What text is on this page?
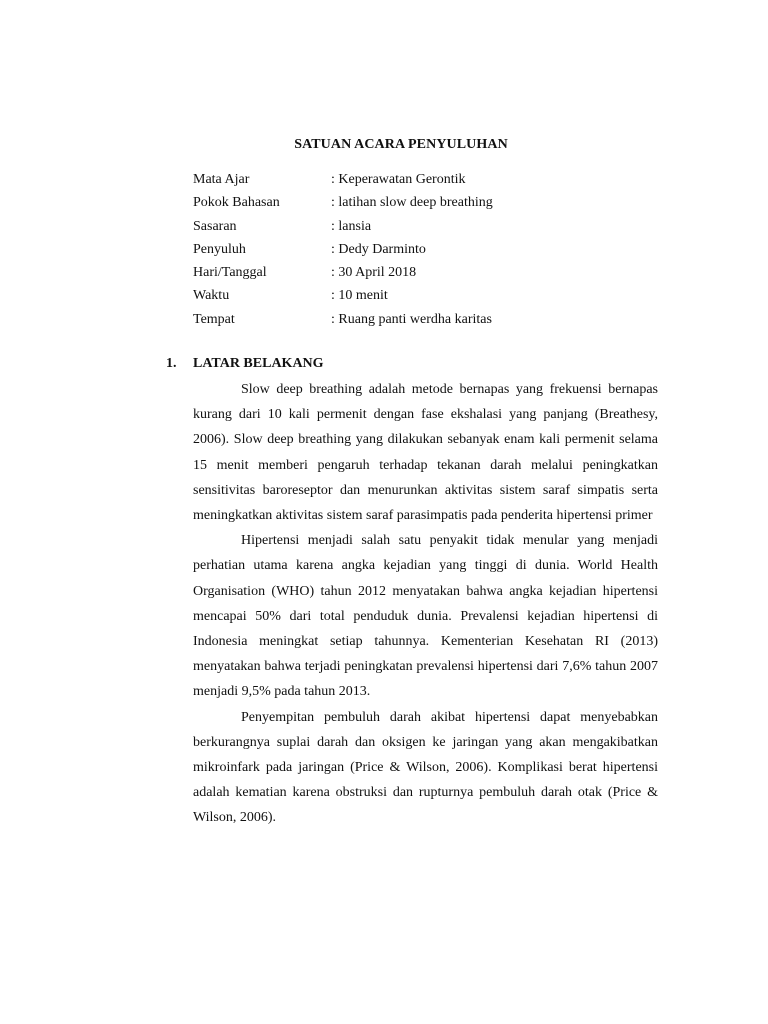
SATUAN ACARA PENYULUHAN
Mata Ajar	: Keperawatan Gerontik
Pokok Bahasan	: latihan slow deep breathing
Sasaran	: lansia
Penyuluh	: Dedy Darminto
Hari/Tanggal	: 30 April 2018
Waktu	: 10 menit
Tempat	: Ruang panti werdha karitas
1.	LATAR BELAKANG

Slow deep breathing adalah metode bernapas yang frekuensi bernapas kurang dari 10 kali permenit dengan fase ekshalasi yang panjang (Breathesy, 2006). Slow deep breathing yang dilakukan sebanyak enam kali permenit selama 15 menit memberi pengaruh terhadap tekanan darah melalui peningkatkan sensitivitas baroreseptor dan menurunkan aktivitas sistem saraf simpatis serta meningkatkan aktivitas sistem saraf parasimpatis pada penderita hipertensi primer

Hipertensi menjadi salah satu penyakit tidak menular yang menjadi perhatian utama karena angka kejadian yang tinggi di dunia. World Health Organisation (WHO) tahun 2012 menyatakan bahwa angka kejadian hipertensi mencapai 50% dari total penduduk dunia. Prevalensi kejadian hipertensi di Indonesia meningkat setiap tahunnya. Kementerian Kesehatan RI (2013) menyatakan bahwa terjadi peningkatan prevalensi hipertensi dari 7,6% tahun 2007 menjadi 9,5% pada tahun 2013.

Penyempitan pembuluh darah akibat hipertensi dapat menyebabkan berkurangnya suplai darah dan oksigen ke jaringan yang akan mengakibatkan mikroinfark pada jaringan (Price & Wilson, 2006). Komplikasi berat hipertensi adalah kematian karena obstruksi dan rupturnya pembuluh darah otak (Price & Wilson, 2006).
